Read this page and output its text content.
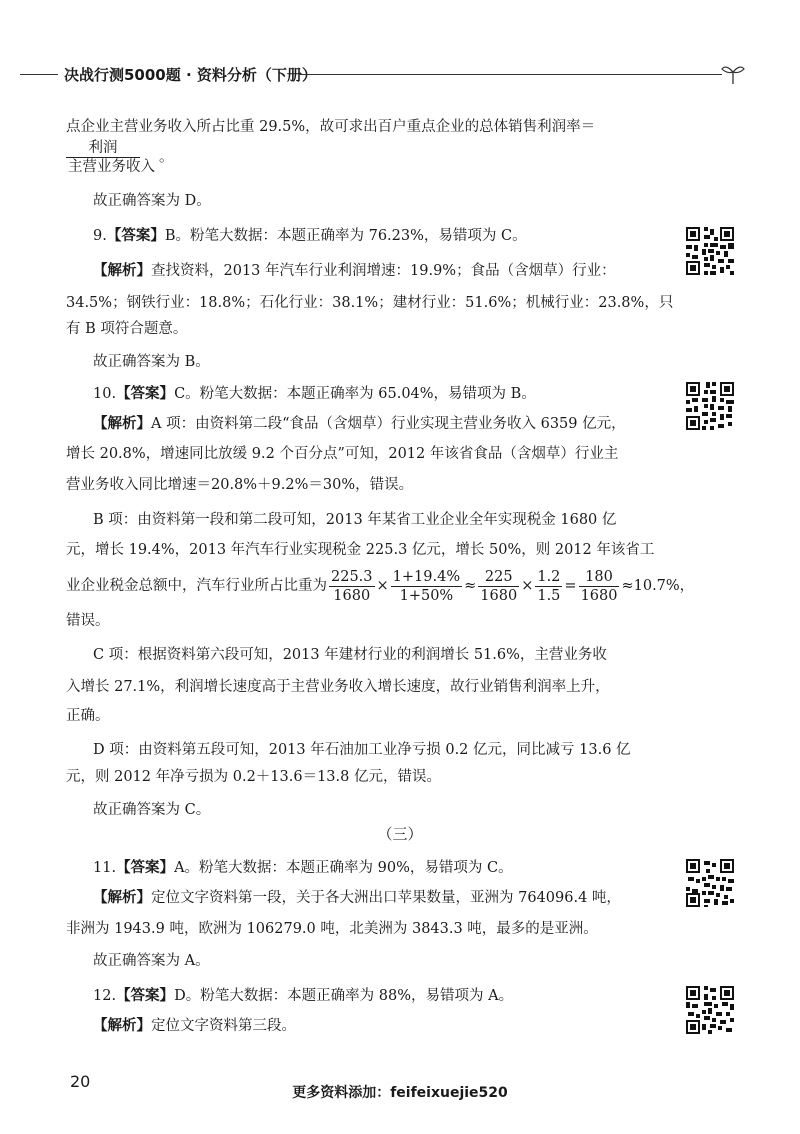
决战行测5000题 · 资料分析（下册）
点企业主营业务收入所占比重 29.5%，故可求出百户重点企业的总体销售利润率＝
$\frac{\text{利润}}{\text{主营业务收入}}$ 。
故正确答案为 D。
9.【答案】B。粉笔大数据：本题正确率为 76.23%，易错项为 C。
【解析】查找资料，2013 年汽车行业利润增速：19.9%；食品（含烟草）行业：
34.5%；钢铁行业：18.8%；石化行业：38.1%；建材行业：51.6%；机械行业：23.8%，只
有 B 项符合题意。
故正确答案为 B。
10.【答案】C。粉笔大数据：本题正确率为 65.04%，易错项为 B。
【解析】A 项：由资料第二段“食品（含烟草）行业实现主营业务收入 6359 亿元，
增长 20.8%，增速同比放缓 9.2 个百分点”可知，2012 年该省食品（含烟草）行业主
营业务收入同比增速＝20.8%＋9.2%＝30%，错误。
B 项：由资料第一段和第二段可知，2013 年某省工业企业全年实现税金 1680 亿
元，增长 19.4%，2013 年汽车行业实现税金 225.3 亿元，增长 50%，则 2012 年该省工
业企业税金总额中，汽车行业所占比重为 $\frac{225.3}{1680} \times \frac{1+19.4\%}{1+50\%} \approx \frac{225}{1680} \times \frac{1.2}{1.5} = \frac{180}{1680} \approx 10.7\%$，
错误。
C 项：根据资料第六段可知，2013 年建材行业的利润增长 51.6%，主营业务收
入增长 27.1%，利润增长速度高于主营业务收入增长速度，故行业销售利润率上升，
正确。
D 项：由资料第五段可知，2013 年石油加工业净亏损 0.2 亿元，同比减亏 13.6 亿
元，则 2012 年净亏损为 0.2＋13.6＝13.8 亿元，错误。
故正确答案为 C。
（三）
11.【答案】A。粉笔大数据：本题正确率为 90%，易错项为 C。
【解析】定位文字资料第一段，关于各大洲出口苹果数量，亚洲为 764096.4 吨，
非洲为 1943.9 吨，欧洲为 106279.0 吨，北美洲为 3843.3 吨，最多的是亚洲。
故正确答案为 A。
12.【答案】D。粉笔大数据：本题正确率为 88%，易错项为 A。
【解析】定位文字资料第三段。
20
更多资料添加：feifeixuejie520
